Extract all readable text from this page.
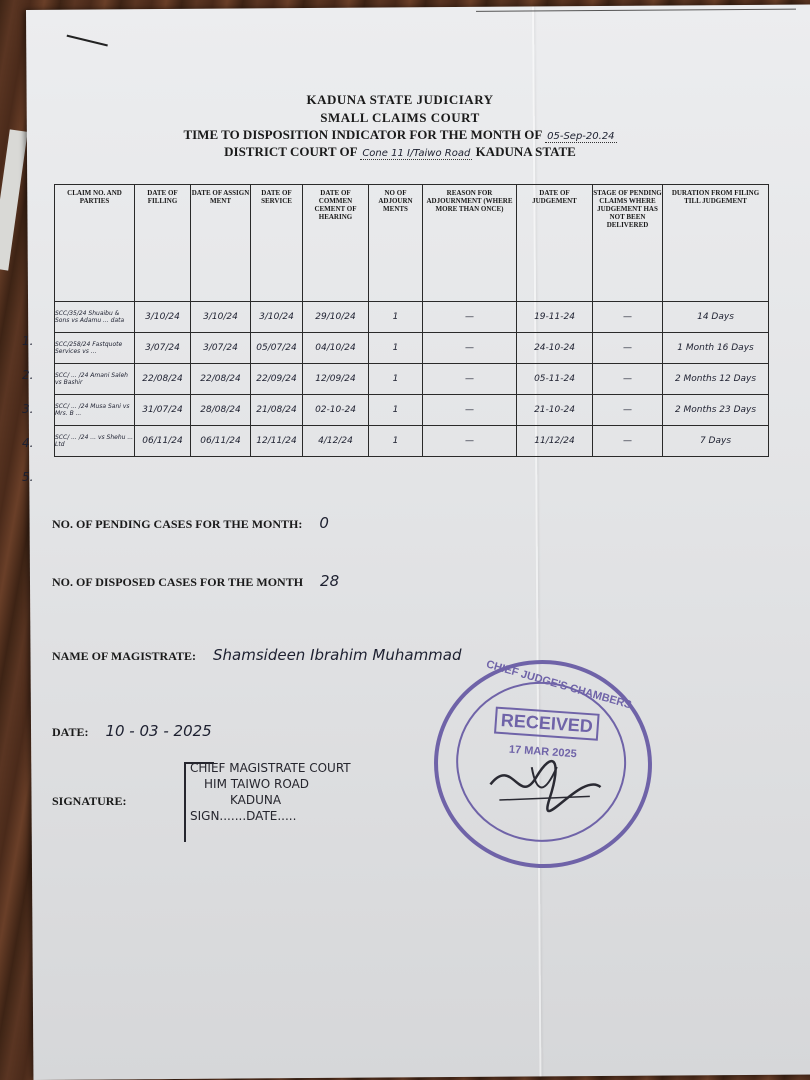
KADUNA STATE JUDICIARY
SMALL CLAIMS COURT
TIME TO DISPOSITION INDICATOR FOR THE MONTH OF 05-Sep-20.24
DISTRICT COURT OF Cone 11 I/Taiwo Road KADUNA STATE
CLAIM NO. AND PARTIES	DATE OF FILLING	DATE OF ASSIGN MENT	DATE OF SERVICE	DATE OF COMMEN CEMENT OF HEARING	NO OF ADJOURN MENTS	REASON FOR ADJOURNMENT (WHERE MORE THAN ONCE)	DATE OF JUDGEMENT	STAGE OF PENDING CLAIMS WHERE JUDGEMENT HAS NOT BEEN DELIVERED	DURATION FROM FILING TILL JUDGEMENT
SCC/35/24 Shuaibu & Sons vs Adamu ... data	3/10/24	3/10/24	3/10/24	29/10/24	1	—	19-11-24	—	14 Days
SCC/258/24 Fastquote Services vs ...	3/07/24	3/07/24	05/07/24	04/10/24	1	—	24-10-24	—	1 Month 16 Days
SCC/ ... /24 Amani Saleh vs Bashir	22/08/24	22/08/24	22/09/24	12/09/24	1	—	05-11-24	—	2 Months 12 Days
SCC/ ... /24 Musa Sani vs Mrs. B ...	31/07/24	28/08/24	21/08/24	02-10-24	1	—	21-10-24	—	2 Months 23 Days
SCC/ ... /24 ... vs Shehu ... Ltd	06/11/24	06/11/24	12/11/24	4/12/24	1	—	11/12/24	—	7 Days
1.
2.
3.
4.
5.
NO. OF PENDING CASES FOR THE MONTH: 0
NO. OF DISPOSED CASES FOR THE MONTH 28
NAME OF MAGISTRATE: Shamsideen Ibrahim Muhammad
DATE: 10 - 03 - 2025
SIGNATURE:
CHIEF MAGISTRATE COURT
HIM TAIWO ROAD
KADUNA
SIGN.......DATE.....
CHIEF JUDGE'S CHAMBERS
RECEIVED
17 MAR 2025
